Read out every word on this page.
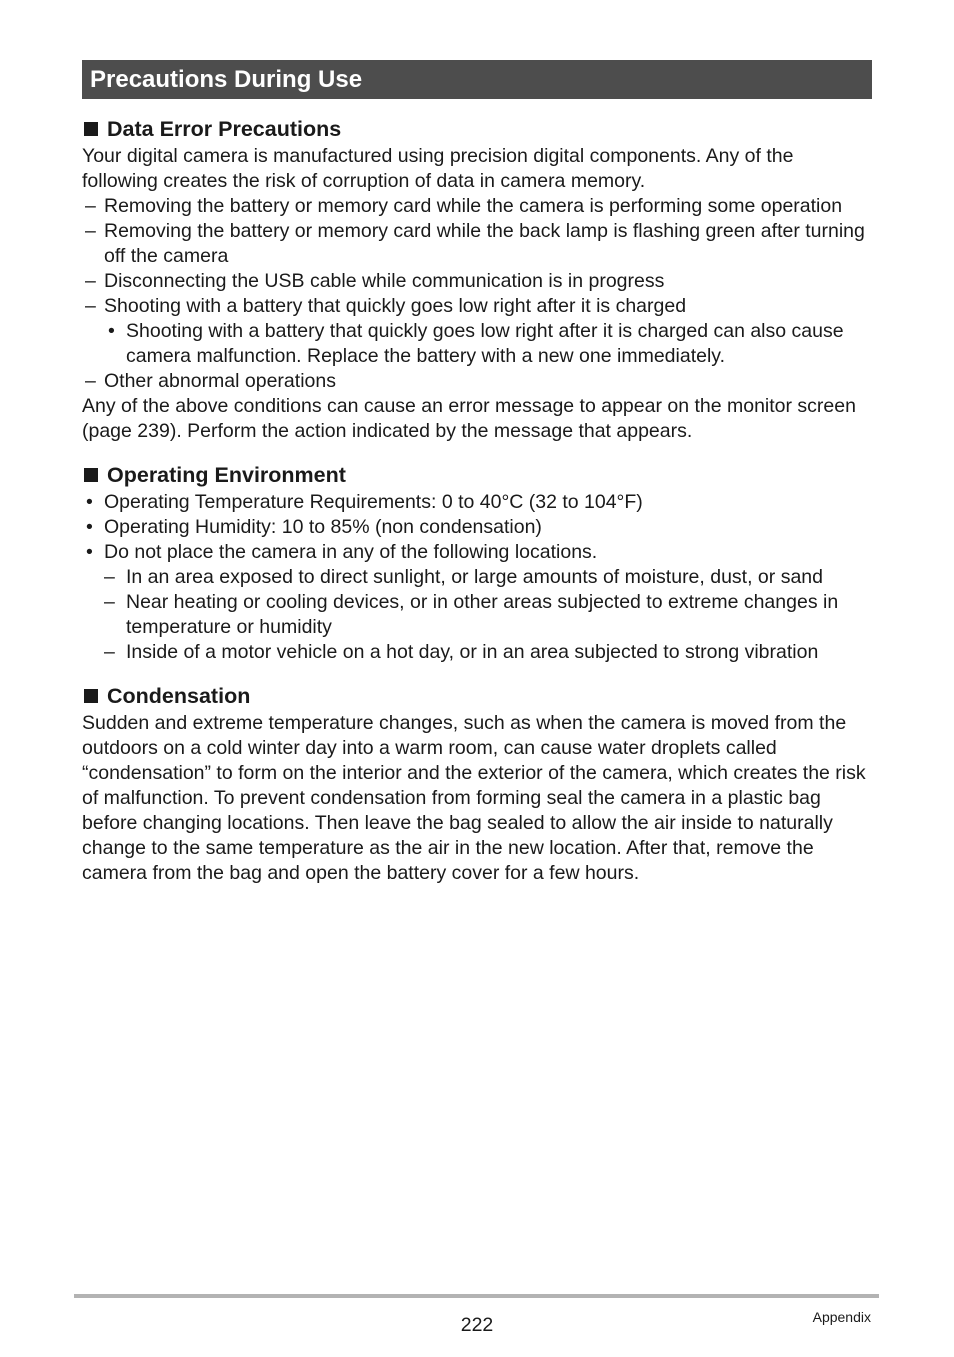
Precautions During Use
Data Error Precautions

Your digital camera is manufactured using precision digital components. Any of the following creates the risk of corruption of data in camera memory.

– Removing the battery or memory card while the camera is performing some operation
– Removing the battery or memory card while the back lamp is flashing green after turning off the camera
– Disconnecting the USB cable while communication is in progress
– Shooting with a battery that quickly goes low right after it is charged
• Shooting with a battery that quickly goes low right after it is charged can also cause camera malfunction. Replace the battery with a new one immediately.
– Other abnormal operations

Any of the above conditions can cause an error message to appear on the monitor screen (page 239). Perform the action indicated by the message that appears.

Operating Environment
• Operating Temperature Requirements: 0 to 40°C (32 to 104°F)
• Operating Humidity: 10 to 85% (non condensation)
• Do not place the camera in any of the following locations.
– In an area exposed to direct sunlight, or large amounts of moisture, dust, or sand
– Near heating or cooling devices, or in other areas subjected to extreme changes in temperature or humidity
– Inside of a motor vehicle on a hot day, or in an area subjected to strong vibration
Condensation

Sudden and extreme temperature changes, such as when the camera is moved from the outdoors on a cold winter day into a warm room, can cause water droplets called “condensation” to form on the interior and the exterior of the camera, which creates the risk of malfunction. To prevent condensation from forming seal the camera in a plastic bag before changing locations. Then leave the bag sealed to allow the air inside to naturally change to the same temperature as the air in the new location. After that, remove the camera from the bag and open the battery cover for a few hours.

222	Appendix
